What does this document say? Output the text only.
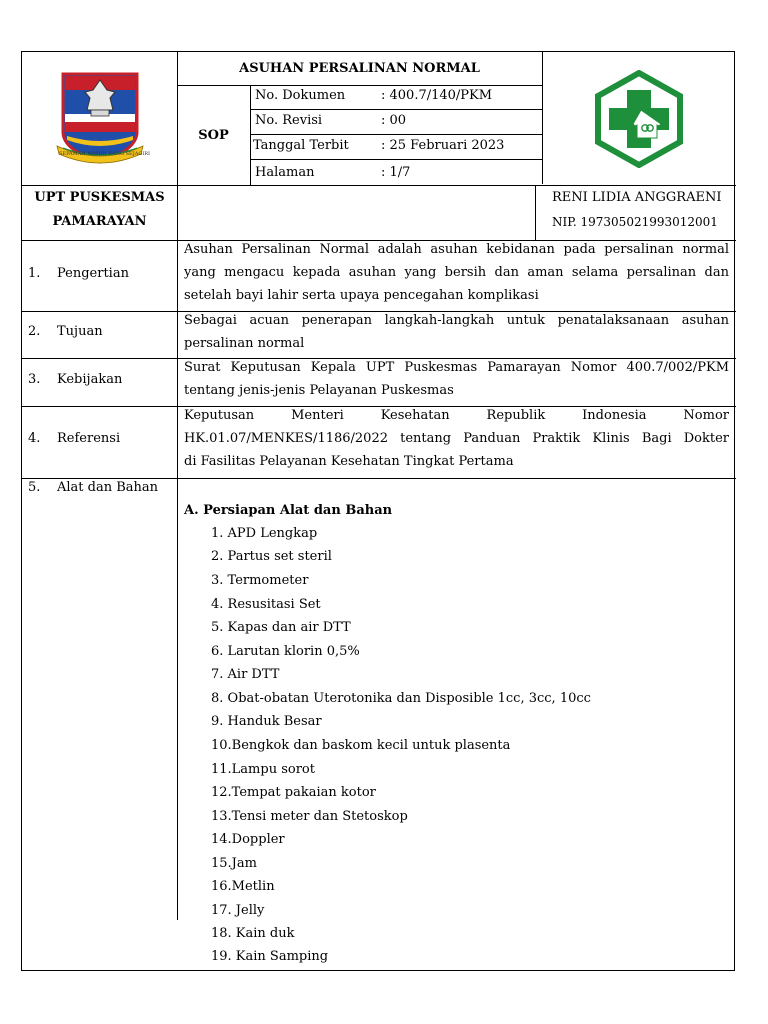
SEPAMAN MAHIH RANG SEJAGIRI
ASUHAN PERSALINAN NORMAL
SOP
No. Dokumen	: 400.7/140/PKM
No. Revisi	: 00
Tanggal Terbit : 25 Februari 2023
Halaman	: 1/7
UPT PUSKESMAS
PAMARAYAN
RENI LIDIA ANGGRAENI
NIP. 197305021993012001
1. Pengertian
Asuhan Persalinan Normal adalah asuhan kebidanan pada persalinan normal
yang mengacu kepada asuhan yang bersih dan aman selama persalinan dan
setelah bayi lahir serta upaya pencegahan komplikasi
2. Tujuan
Sebagai acuan penerapan langkah-langkah untuk penatalaksanaan asuhan
persalinan normal
3. Kebijakan
Surat Keputusan Kepala UPT Puskesmas Pamarayan Nomor 400.7/002/PKM
tentang jenis-jenis Pelayanan Puskesmas
4. Referensi
Keputusan Menteri Kesehatan Republik Indonesia Nomor
HK.01.07/MENKES/1186/2022 tentang Panduan Praktik Klinis Bagi Dokter
di Fasilitas Pelayanan Kesehatan Tingkat Pertama
5. Alat dan Bahan
A. Persiapan Alat dan Bahan
1. APD Lengkap
2. Partus set steril
3. Termometer
4. Resusitasi Set
5. Kapas dan air DTT
6. Larutan klorin 0,5%
7. Air DTT
8. Obat-obatan Uterotonika dan Disposible 1cc, 3cc, 10cc
9. Handuk Besar
10.Bengkok dan baskom kecil untuk plasenta
11.Lampu sorot
12.Tempat pakaian kotor
13.Tensi meter dan Stetoskop
14.Doppler
15.Jam
16.Metlin
17. Jelly
18. Kain duk
19. Kain Samping
